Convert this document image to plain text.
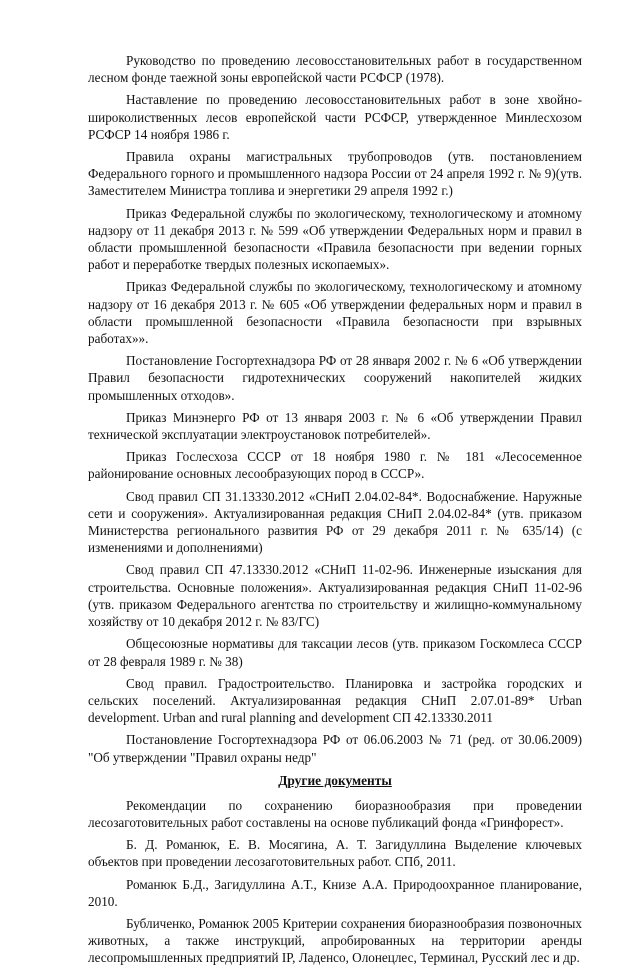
Руководство по проведению лесовосстановительных работ в государственном лесном фонде таежной зоны европейской части РСФСР (1978).

Наставление по проведению лесовосстановительных работ в зоне хвойно-широколиственных лесов европейской части РСФСР, утвержденное Минлесхозом РСФСР 14 ноября 1986 г.

Правила охраны магистральных трубопроводов (утв. постановлением Федерального горного и промышленного надзора России от 24 апреля 1992 г. № 9)(утв. Заместителем Министра топлива и энергетики 29 апреля 1992 г.)

Приказ Федеральной службы по экологическому, технологическому и атомному надзору от 11 декабря 2013 г. № 599 «Об утверждении Федеральных норм и правил в области промышленной безопасности «Правила безопасности при ведении горных работ и переработке твердых полезных ископаемых».

Приказ Федеральной службы по экологическому, технологическому и атомному надзору от 16 декабря 2013 г. № 605 «Об утверждении федеральных норм и правил в области промышленной безопасности «Правила безопасности при взрывных работах»».

Постановление Госгортехнадзора РФ от 28 января 2002 г. № 6 «Об утверждении Правил безопасности гидротехнических сооружений накопителей жидких промышленных отходов».

Приказ Минэнерго РФ от 13 января 2003 г. № 6 «Об утверждении Правил технической эксплуатации электроустановок потребителей».

Приказ Гослесхоза СССР от 18 ноября 1980 г. № 181 «Лесосеменное районирование основных лесообразующих пород в СССР».

Свод правил СП 31.13330.2012 «СНиП 2.04.02-84*. Водоснабжение. Наружные сети и сооружения». Актуализированная редакция СНиП 2.04.02-84* (утв. приказом Министерства регионального развития РФ от 29 декабря 2011 г. № 635/14) (с изменениями и дополнениями)

Свод правил СП 47.13330.2012 «СНиП 11-02-96. Инженерные изыскания для строительства. Основные положения». Актуализированная редакция СНиП 11-02-96 (утв. приказом Федерального агентства по строительству и жилищно-коммунальному хозяйству от 10 декабря 2012 г. № 83/ГС)

Общесоюзные нормативы для таксации лесов (утв. приказом Госкомлеса СССР от 28 февраля 1989 г. № 38)

Свод правил. Градостроительство. Планировка и застройка городских и сельских поселений. Актуализированная редакция СНиП 2.07.01-89* Urban development. Urban and rural planning and development СП 42.13330.2011

Постановление Госгортехнадзора РФ от 06.06.2003 № 71 (ред. от 30.06.2009) "Об утверждении "Правил охраны недр"

Другие документы

Рекомендации по сохранению биоразнообразия при проведении лесозаготовительных работ составлены на основе публикаций фонда «Гринфорест».

Б. Д. Романюк, Е. В. Мосягина, А. Т. Загидуллина Выделение ключевых объектов при проведении лесозаготовительных работ. СПб, 2011.

Романюк Б.Д., Загидуллина А.Т., Книзе А.А. Природоохранное планирование, 2010.

Бубличенко, Романюк 2005 Критерии сохранения биоразнообразия позвоночных животных, а также инструкций, апробированных на территории аренды лесопромышленных предприятий IP, Ладенсо, Олонецлес, Терминал, Русский лес и др.
